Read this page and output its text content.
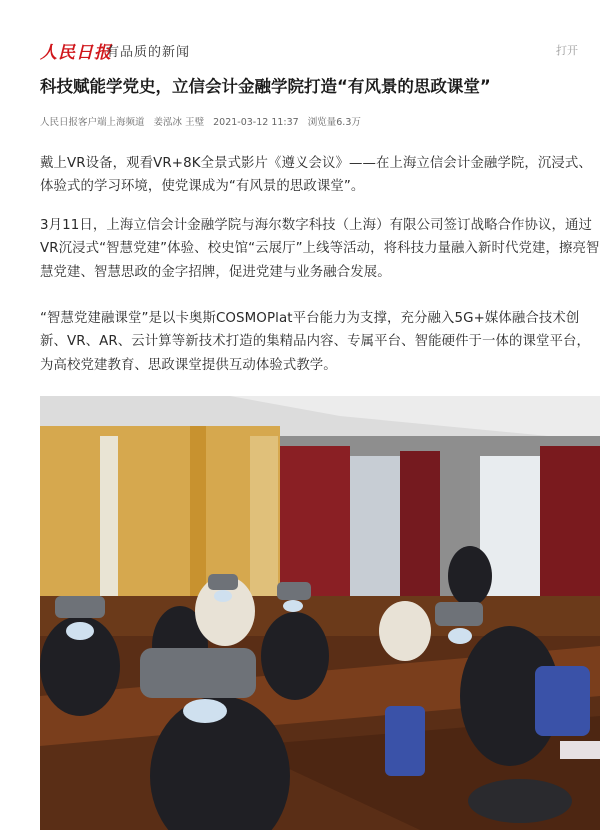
人民日报
有品质的新闻	打开
科技赋能学党史，立信会计金融学院打造“有风景的思政课堂”
人民日报客户端上海频道 姜泓冰 王璧 2021-03-12 11:37 浏览量6.3万

戴上VR设备，观看VR+8K全景式影片《遵义会议》——在上海立信会计金融学院，沉浸式、体验式的学习环境，使党课成为“有风景的思政课堂”。

3月11日，上海立信会计金融学院与海尔数字科技（上海）有限公司签订战略合作协议，通过VR沉浸式“智慧党建”体验、校史馆“云展厅”上线等活动，将科技力量融入新时代党建，擦亮智慧党建、智慧思政的金字招牌，促进党建与业务融合发展。

“智慧党建融课堂”是以卡奥斯COSMOPlat平台能力为支撑，充分融入5G+媒体融合技术创新、VR、AR、云计算等新技术打造的集精品内容、专属平台、智能硬件于一体的课堂平台，为高校党建教育、思政课堂提供互动体验式教学。
